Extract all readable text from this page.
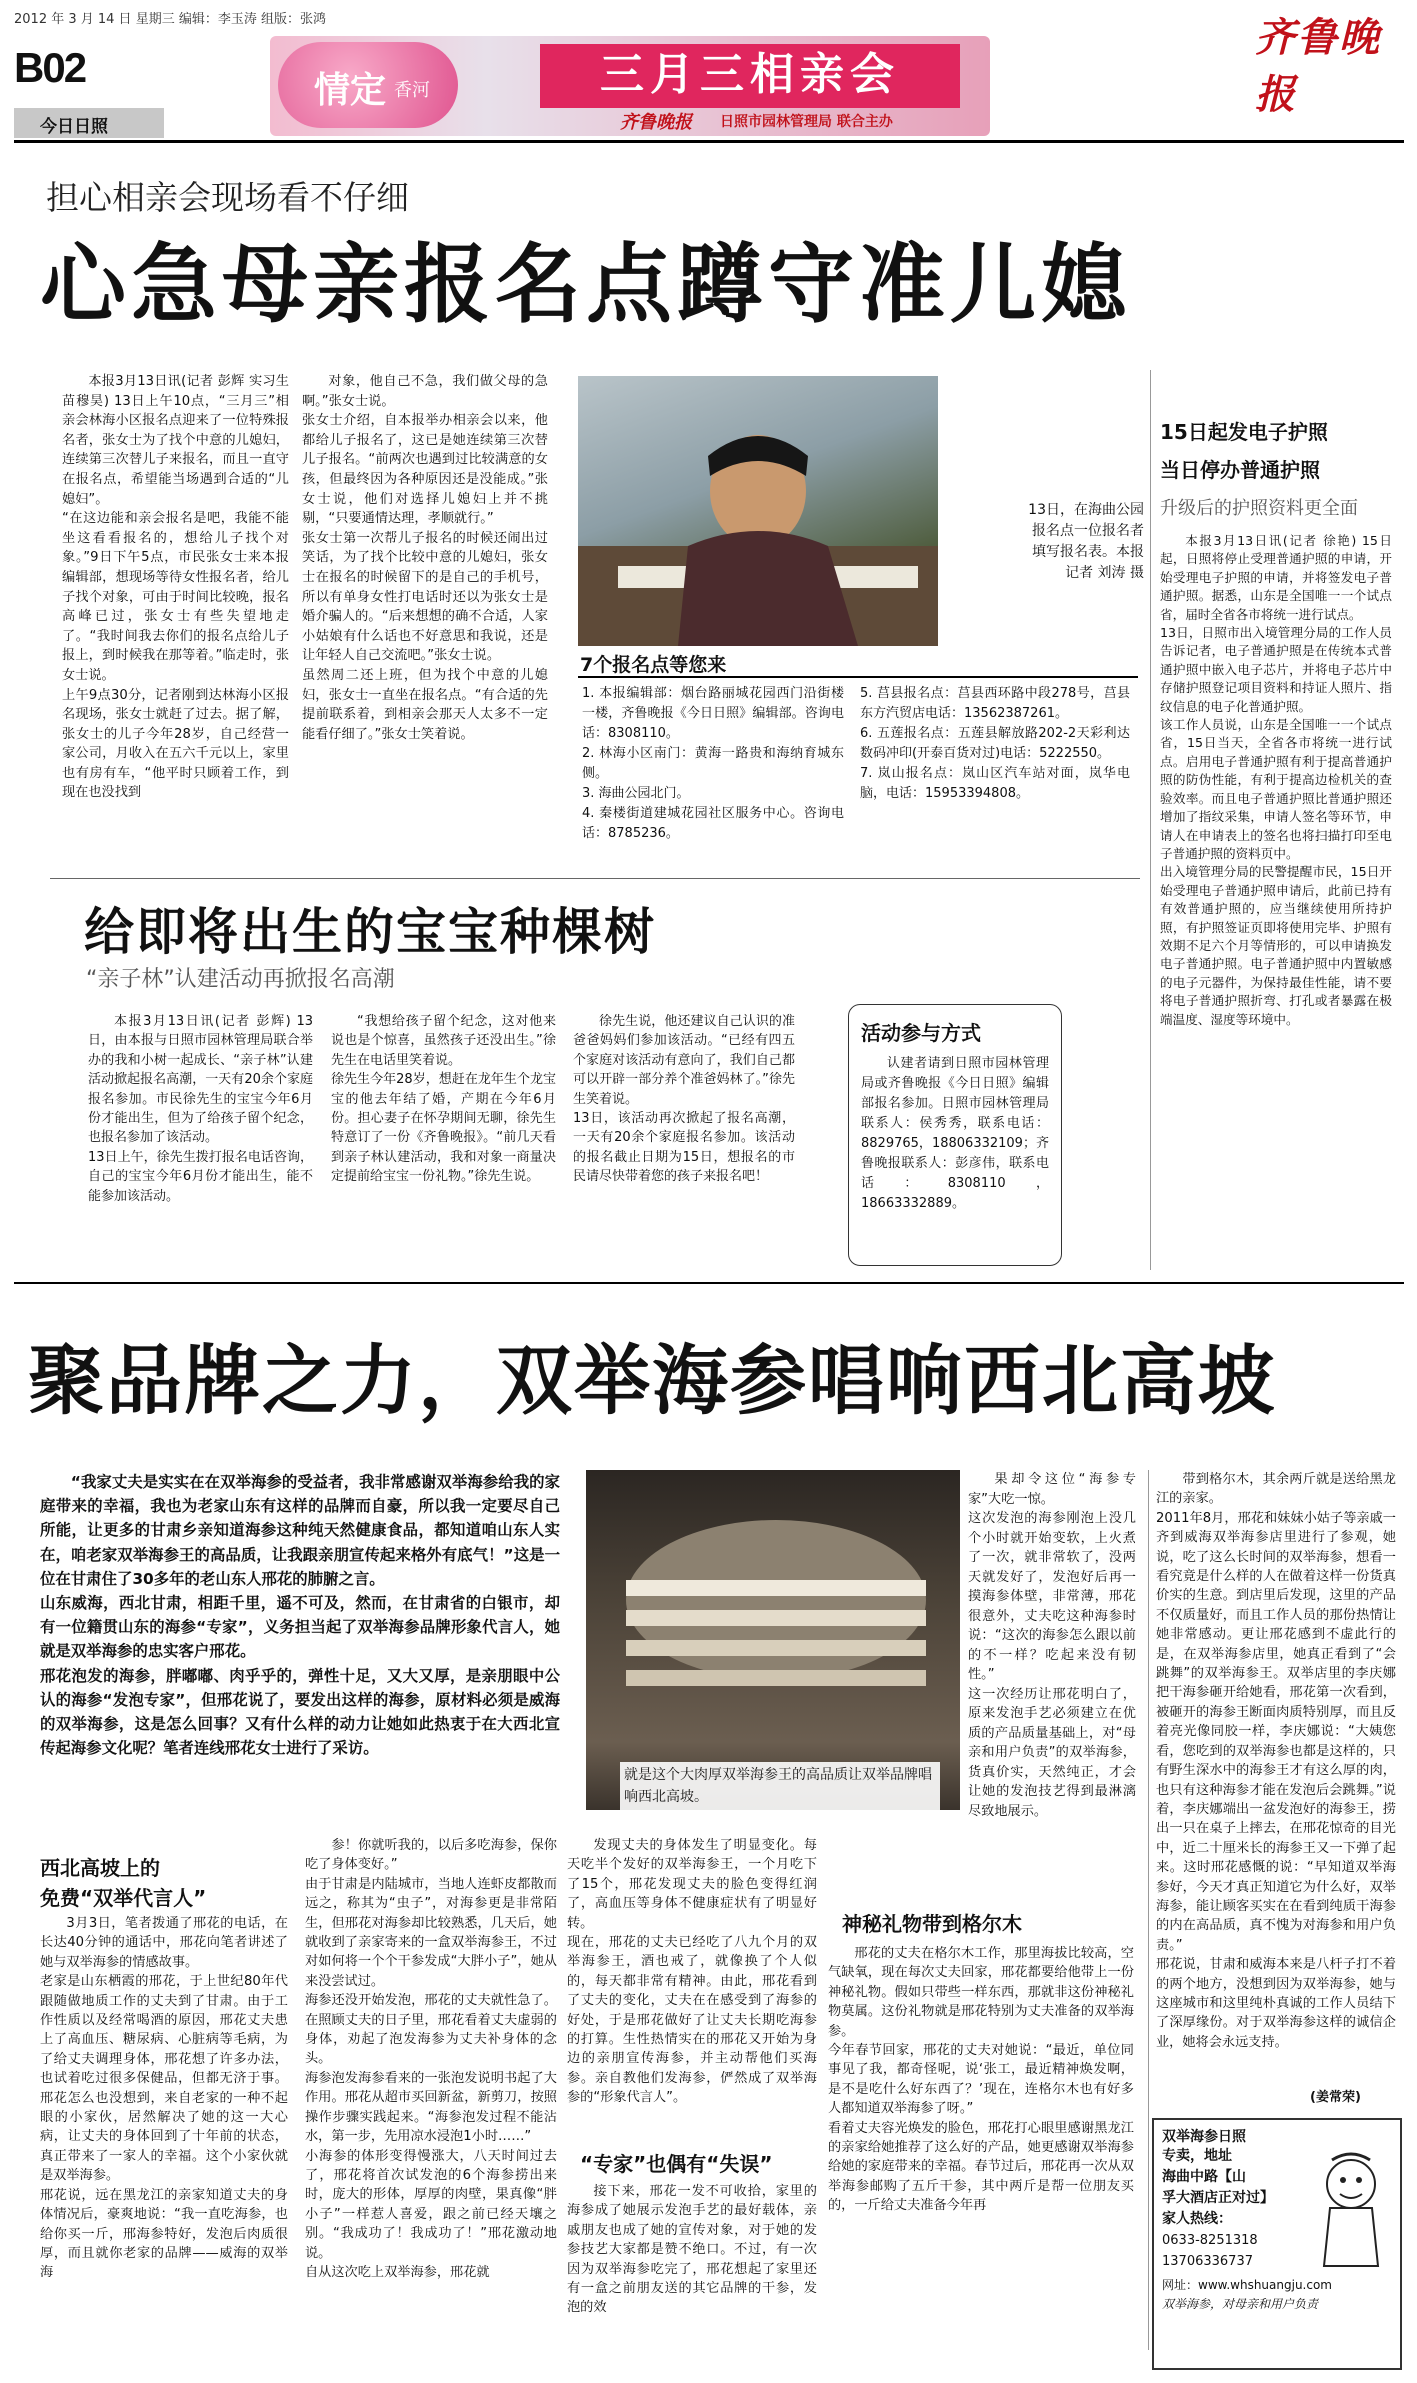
2012 年 3 月 14 日 星期三 编辑：李玉涛 组版：张鸿	齐鲁晚报
B02
今日日照
情定 香河	三月三相亲会
齐鲁晚报 日照市园林管理局 联合主办
担心相亲会现场看不仔细
心急母亲报名点蹲守准儿媳
本报3月13日讯(记者 彭辉 实习生 苗穆昊) 13日上午10点，“三月三”相亲会林海小区报名点迎来了一位特殊报名者，张女士为了找个中意的儿媳妇，连续第三次替儿子来报名，而且一直守在报名点，希望能当场遇到合适的“儿媳妇”。
“在这边能和亲会报名是吧，我能不能坐这看看报名的，想给儿子找个对象。”9日下午5点，市民张女士来本报编辑部，想现场等待女性报名者，给儿子找个对象，可由于时间比较晚，报名高峰已过，张女士有些失望地走了。“我时间我去你们的报名点给儿子报上，到时候我在那等着。”临走时，张女士说。
上午9点30分，记者刚到达林海小区报名现场，张女士就赶了过去。据了解，张女士的儿子今年28岁，自己经营一家公司，月收入在五六千元以上，家里也有房有车，“他平时只顾着工作，到现在也没找到
对象，他自己不急，我们做父母的急啊。”张女士说。
张女士介绍，自本报举办相亲会以来，他都给儿子报名了，这已是她连续第三次替儿子报名。“前两次也遇到过比较满意的女孩，但最终因为各种原因还是没能成。”张女士说，他们对选择儿媳妇上并不挑剔，“只要通情达理，孝顺就行。”
张女士第一次帮儿子报名的时候还闹出过笑话，为了找个比较中意的儿媳妇，张女士在报名的时候留下的是自己的手机号，所以有单身女性打电话时还以为张女士是婚介骗人的。“后来想想的确不合适，人家小姑娘有什么话也不好意思和我说，还是让年轻人自己交流吧。”张女士说。
虽然周二还上班，但为找个中意的儿媳妇，张女士一直坐在报名点。“有合适的先提前联系着，到相亲会那天人太多不一定能看仔细了。”张女士笑着说。
13日，在海曲公园报名点一位报名者填写报名表。本报记者 刘涛 摄
7个报名点等您来
1. 本报编辑部：烟台路丽城花园西门沿街楼一楼，齐鲁晚报《今日日照》编辑部。咨询电话：8308110。
2. 林海小区南门：黄海一路贵和海纳育城东侧。
3. 海曲公园北门。
4. 秦楼街道建城花园社区服务中心。咨询电话：8785236。
5. 莒县报名点：莒县西环路中段278号，莒县东方汽贸店电话：13562387261。
6. 五莲报名点：五莲县解放路202-2天彩利达数码冲印(开泰百货对过)电话：5222550。
7. 岚山报名点：岚山区汽车站对面，岚华电脑，电话：15953394808。
15日起发电子护照
当日停办普通护照
升级后的护照资料更全面
本报3月13日讯(记者 徐艳) 15日起，日照将停止受理普通护照的申请，开始受理电子护照的申请，并将签发电子普通护照。据悉，山东是全国唯一一个试点省，届时全省各市将统一进行试点。
13日，日照市出入境管理分局的工作人员告诉记者，电子普通护照是在传统本式普通护照中嵌入电子芯片，并将电子芯片中存储护照登记项目资料和持证人照片、指纹信息的电子化普通护照。
该工作人员说，山东是全国唯一一个试点省，15日当天，全省各市将统一进行试点。启用电子普通护照有利于提高普通护照的防伪性能，有利于提高边检机关的查验效率。而且电子普通护照比普通护照还增加了指纹采集，申请人签名等环节，申请人在申请表上的签名也将扫描打印至电子普通护照的资料页中。
出入境管理分局的民警提醒市民，15日开始受理电子普通护照申请后，此前已持有有效普通护照的，应当继续使用所持护照，有护照签证页即将使用完毕、护照有效期不足六个月等情形的，可以申请换发电子普通护照。电子普通护照中内置敏感的电子元器件，为保持最佳性能，请不要将电子普通护照折弯、打孔或者暴露在极端温度、湿度等环境中。
给即将出生的宝宝种棵树
“亲子林”认建活动再掀报名高潮
本报3月13日讯(记者 彭辉) 13日，由本报与日照市园林管理局联合举办的我和小树一起成长、“亲子林”认建活动掀起报名高潮，一天有20余个家庭报名参加。市民徐先生的宝宝今年6月份才能出生，但为了给孩子留个纪念，也报名参加了该活动。
13日上午，徐先生拨打报名电话咨询，自己的宝宝今年6月份才能出生，能不能参加该活动。
“我想给孩子留个纪念，这对他来说也是个惊喜，虽然孩子还没出生。”徐先生在电话里笑着说。
徐先生今年28岁，想赶在龙年生个龙宝宝的他去年结了婚，产期在今年6月份。担心妻子在怀孕期间无聊，徐先生特意订了一份《齐鲁晚报》。“前几天看到亲子林认建活动，我和对象一商量决定提前给宝宝一份礼物。”徐先生说。
徐先生说，他还建议自己认识的准爸爸妈妈们参加该活动。“已经有四五个家庭对该活动有意向了，我们自己都可以开辟一部分养个准爸妈林了。”徐先生笑着说。
13日，该活动再次掀起了报名高潮，一天有20余个家庭报名参加。该活动的报名截止日期为15日，想报名的市民请尽快带着您的孩子来报名吧！
活动参与方式
认建者请到日照市园林管理局或齐鲁晚报《今日日照》编辑部报名参加。日照市园林管理局联系人：侯秀秀，联系电话：8829765，18806332109；齐鲁晚报联系人：彭彦伟，联系电话：8308110，18663332889。
聚品牌之力，双举海参唱响西北高坡
“我家丈夫是实实在在双举海参的受益者，我非常感谢双举海参给我的家庭带来的幸福，我也为老家山东有这样的品牌而自豪，所以我一定要尽自己所能，让更多的甘肃乡亲知道海参这种纯天然健康食品，都知道咱山东人实在，咱老家双举海参王的高品质，让我跟亲朋宣传起来格外有底气！”这是一位在甘肃住了30多年的老山东人邢花的肺腑之言。
山东威海，西北甘肃，相距千里，遥不可及，然而，在甘肃省的白银市，却有一位籍贯山东的海参“专家”，义务担当起了双举海参品牌形象代言人，她就是双举海参的忠实客户邢花。
邢花泡发的海参，胖嘟嘟、肉乎乎的，弹性十足，又大又厚，是亲朋眼中公认的海参“发泡专家”，但邢花说了，要发出这样的海参，原材料必须是威海的双举海参，这是怎么回事？又有什么样的动力让她如此热衷于在大西北宣传起海参文化呢？笔者连线邢花女士进行了采访。
就是这个大肉厚双举海参王的高品质让双举品牌唱响西北高坡。
果却令这位“海参专家”大吃一惊。
这次发泡的海参刚泡上没几个小时就开始变软，上火煮了一次，就非常软了，没两天就发好了，发泡好后再一摸海参体壁，非常薄，邢花很意外，丈夫吃这种海参时说：“这次的海参怎么跟以前的不一样？吃起来没有韧性。”
这一次经历让邢花明白了，原来发泡手艺必须建立在优质的产品质量基础上，对“母亲和用户负责”的双举海参，货真价实，天然纯正，才会让她的发泡技艺得到最淋漓尽致地展示。
带到格尔木，其余两斤就是送给黑龙江的亲家。
2011年8月，邢花和妹妹小姑子等亲戚一齐到威海双举海参店里进行了参观，她说，吃了这么长时间的双举海参，想看一看究竟是什么样的人在做着这样一份货真价实的生意。到店里后发现，这里的产品不仅质量好，而且工作人员的那份热情让她非常感动。更让邢花感到不虚此行的是，在双举海参店里，她真正看到了“会跳舞”的双举海参王。双举店里的李庆娜把干海参砸开给她看，邢花第一次看到，被砸开的海参王断面肉质特别厚，而且反着亮光像同胶一样，李庆娜说：“大姨您看，您吃到的双举海参也都是这样的，只有野生深水中的海参王才有这么厚的肉，也只有这种海参才能在发泡后会跳舞。”说着，李庆娜端出一盆发泡好的海参王，捞出一只在桌子上摔去，在邢花惊奇的目光中，近二十厘米长的海参王又一下弹了起来。这时邢花感慨的说：“早知道双举海参好，今天才真正知道它为什么好，双举海参，能让顾客买实在在看到纯质干海参的内在高品质，真不愧为对海参和用户负责。”
邢花说，甘肃和威海本来是八杆子打不着的两个地方，没想到因为双举海参，她与这座城市和这里纯朴真诚的工作人员结下了深厚缘份。对于双举海参这样的诚信企业，她将会永远支持。
(姜常荣)
西北高坡上的
免费“双举代言人”
3月3日，笔者拨通了邢花的电话，在长达40分钟的通话中，邢花向笔者讲述了她与双举海参的情感故事。
老家是山东栖霞的邢花，于上世纪80年代跟随做地质工作的丈夫到了甘肃。由于工作性质以及经常喝酒的原因，邢花丈夫患上了高血压、糖尿病、心脏病等毛病，为了给丈夫调理身体，邢花想了许多办法，也试着吃过很多保健品，但都无济于事。邢花怎么也没想到，来自老家的一种不起眼的小家伙，居然解决了她的这一大心病，让丈夫的身体回到了十年前的状态，真正带来了一家人的幸福。这个小家伙就是双举海参。
邢花说，远在黑龙江的亲家知道丈夫的身体情况后，豪爽地说：“我一直吃海参，也给你买一斤，邢海参特好，发泡后肉质很厚，而且就你老家的品牌——威海的双举海
参！你就听我的，以后多吃海参，保你吃了身体变好。”
由于甘肃是内陆城市，当地人连虾皮都散而远之，称其为“虫子”，对海参更是非常陌生，但邢花对海参却比较熟悉，几天后，她就收到了亲家寄来的一盒双举海参王，不过对如何将一个个干参发成“大胖小子”，她从来没尝试过。
海参还没开始发泡，邢花的丈夫就性急了。在照顾丈夫的日子里，邢花看着丈夫虚弱的身体，劝起了泡发海参为丈夫补身体的念头。
海参泡发海参看来的一张泡发说明书起了大作用。邢花从超市买回新盆，新剪刀，按照操作步骤实践起来。“海参泡发过程不能沾水，第一步，先用凉水浸泡1小时……”
小海参的体形变得慢涨大，八天时间过去了，邢花将首次试发泡的6个海参捞出来时，庞大的形体，厚厚的肉壁，果真像“胖小子”一样惹人喜爱，跟之前已经天壤之别。“我成功了！我成功了！”邢花激动地说。
自从这次吃上双举海参，邢花就
发现丈夫的身体发生了明显变化。每天吃半个发好的双举海参王，一个月吃下了15个，邢花发现丈夫的脸色变得红润了，高血压等身体不健康症状有了明显好转。
现在，邢花的丈夫已经吃了八九个月的双举海参王，酒也戒了，就像换了个人似的，每天都非常有精神。由此，邢花看到了丈夫的变化，丈夫在在感受到了海参的好处，于是邢花做好了让丈夫长期吃海参的打算。生性热情实在的邢花又开始为身边的亲朋宣传海参，并主动帮他们买海参。亲自教他们发海参，俨然成了双举海参的“形象代言人”。
“专家”也偶有“失误”
接下来，邢花一发不可收拾，家里的海参成了她展示发泡手艺的最好载体，亲戚朋友也成了她的宣传对象，对于她的发参技艺大家都是赞不绝口。不过，有一次因为双举海参吃完了，邢花想起了家里还有一盒之前朋友送的其它品牌的干参，发泡的效
神秘礼物带到格尔木
邢花的丈夫在格尔木工作，那里海拔比较高，空气缺氧，现在每次丈夫回家，邢花都要给他带上一份神秘礼物。假如只带些一样东西，那就非这份神秘礼物莫属。这份礼物就是邢花特别为丈夫准备的双举海参。
今年春节回家，邢花的丈夫对她说：“最近，单位同事见了我，都奇怪呢，说‘张工，最近精神焕发啊，是不是吃什么好东西了？’现在，连格尔木也有好多人都知道双举海参了呀。”
看着丈夫容光焕发的脸色，邢花打心眼里感谢黑龙江的亲家给她推荐了这么好的产品，她更感谢双举海参给她的家庭带来的幸福。春节过后，邢花再一次从双举海参邮购了五斤干参，其中两斤是帮一位朋友买的，一斤给丈夫准备今年再
双举海参日照
专卖，地址
海曲中路【山
孚大酒店正对过】
家人热线：
0633-8251318
13706336737
网址：www.whshuangju.com
双举海参，对母亲和用户负责
